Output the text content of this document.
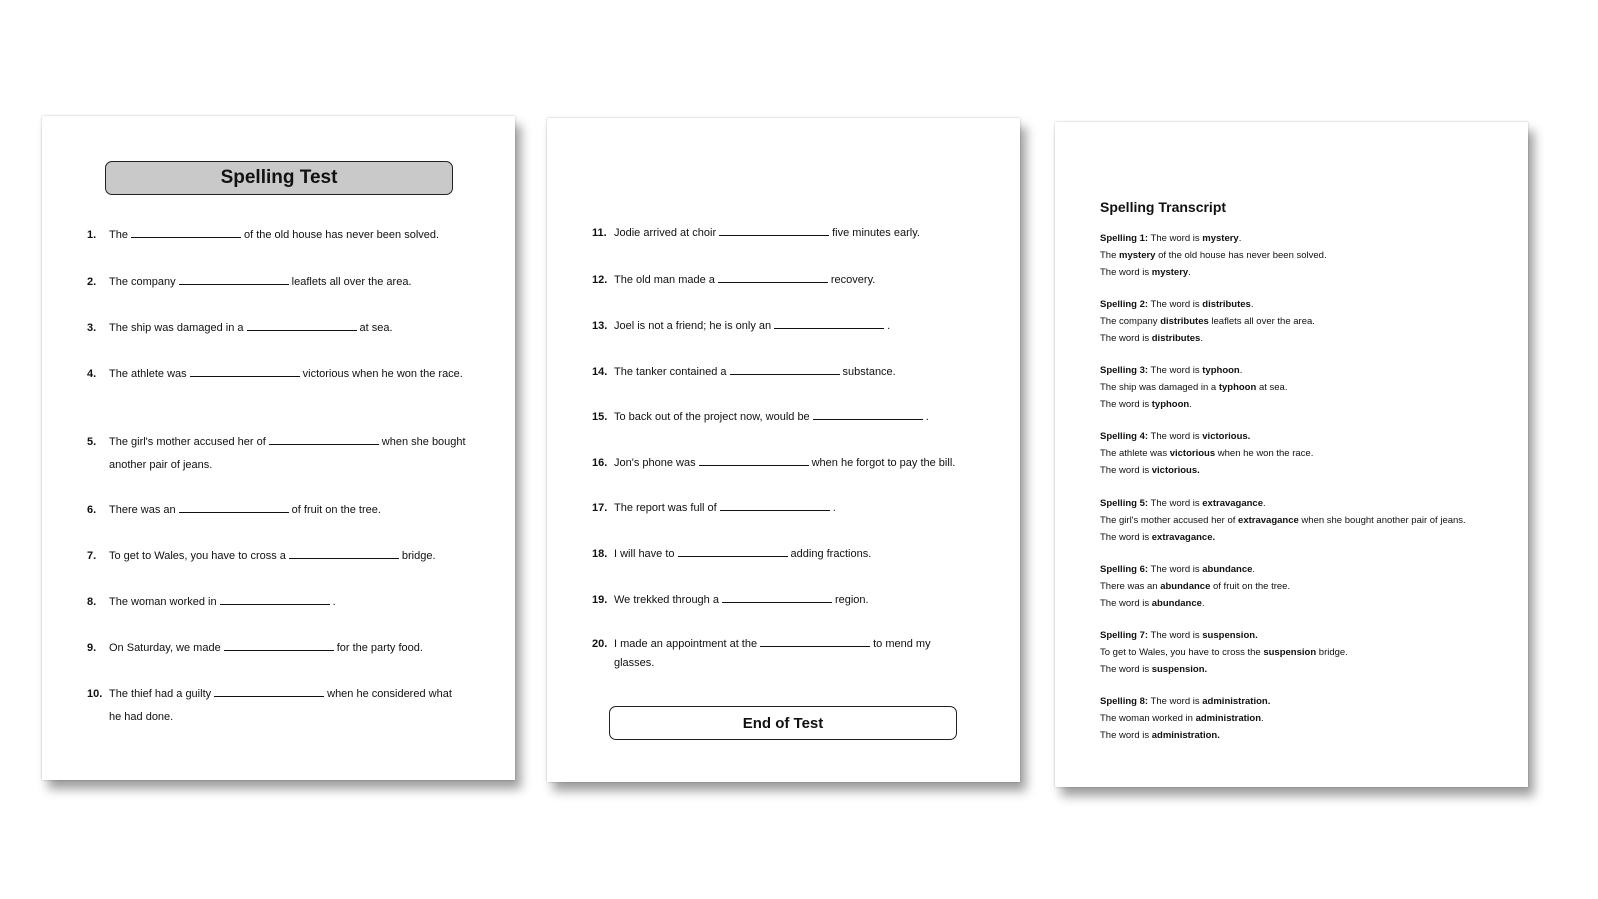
Spelling Test
1. The	of the old house has never been solved.
2. The company	leaflets all over the area.
3. The ship was damaged in a	at sea.
4. The athlete was	victorious when he won the race.
5. The girl's mother accused her of	when she bought another pair of jeans.
6. There was an	of fruit on the tree.
7. To get to Wales, you have to cross a	bridge.
8. The woman worked in	.
9. On Saturday, we made	for the party food.
10. The thief had a guilty	when he considered what he had done.
11. Jodie arrived at choir	five minutes early.
12. The old man made a	recovery.
13. Joel is not a friend; he is only an	.
14. The tanker contained a	substance.
15. To back out of the project now, would be	.
16. Jon's phone was	when he forgot to pay the bill.
17. The report was full of	.
18. I will have to	adding fractions.
19. We trekked through a	region.
20. I made an appointment at the	to mend my glasses.
End of Test
Spelling Transcript
Spelling 1: The word is mystery.
The mystery of the old house has never been solved.
The word is mystery.
Spelling 2: The word is distributes.
The company distributes leaflets all over the area.
The word is distributes.
Spelling 3: The word is typhoon.
The ship was damaged in a typhoon at sea.
The word is typhoon.
Spelling 4: The word is victorious.
The athlete was victorious when he won the race.
The word is victorious.
Spelling 5: The word is extravagance.
The girl's mother accused her of extravagance when she bought another pair of jeans.
The word is extravagance.
Spelling 6: The word is abundance.
There was an abundance of fruit on the tree.
The word is abundance.
Spelling 7: The word is suspension.
To get to Wales, you have to cross the suspension bridge.
The word is suspension.
Spelling 8: The word is administration.
The woman worked in administration.
The word is administration.
